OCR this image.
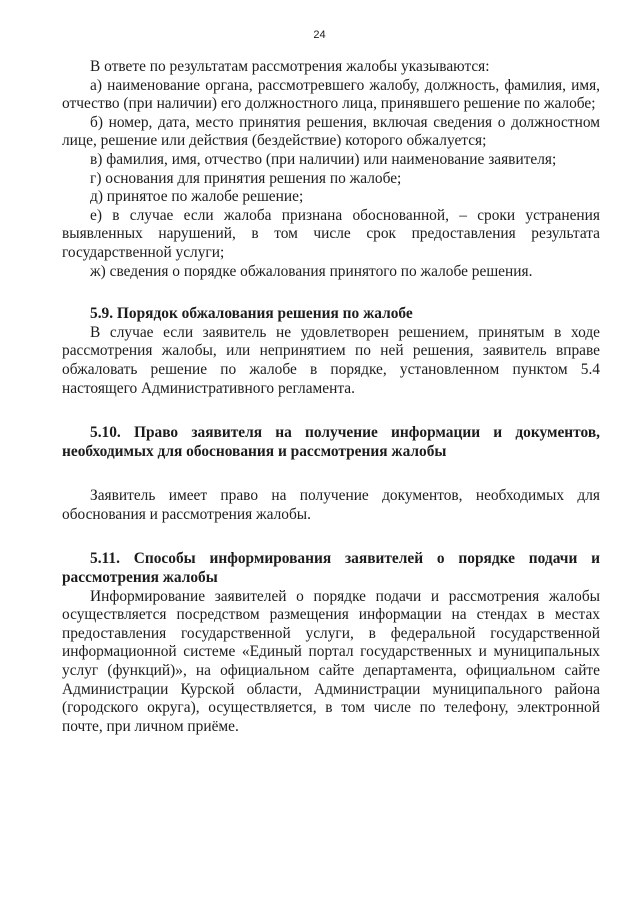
24

В ответе по результатам рассмотрения жалобы указываются:

а) наименование органа, рассмотревшего жалобу, должность, фамилия, имя, отчество (при наличии) его должностного лица, принявшего решение по жалобе;

б) номер, дата, место принятия решения, включая сведения о должностном лице, решение или действия (бездействие) которого обжалуется;

в) фамилия, имя, отчество (при наличии) или наименование заявителя;

г) основания для принятия решения по жалобе;

д) принятое по жалобе решение;

е) в случае если жалоба признана обоснованной, – сроки устранения выявленных нарушений, в том числе срок предоставления результата государственной услуги;

ж) сведения о порядке обжалования принятого по жалобе решения.

5.9. Порядок обжалования решения по жалобе

В случае если заявитель не удовлетворен решением, принятым в ходе рассмотрения жалобы, или непринятием по ней решения, заявитель вправе обжаловать решение по жалобе в порядке, установленном пунктом 5.4 настоящего Административного регламента.

5.10. Право заявителя на получение информации и документов, необходимых для обоснования и рассмотрения жалобы

Заявитель имеет право на получение документов, необходимых для обоснования и рассмотрения жалобы.

5.11. Способы информирования заявителей о порядке подачи и рассмотрения жалобы

Информирование заявителей о порядке подачи и рассмотрения жалобы осуществляется посредством размещения информации на стендах в местах предоставления государственной услуги, в федеральной государственной информационной системе «Единый портал государственных и муниципальных услуг (функций)», на официальном сайте департамента, официальном сайте Администрации Курской области, Администрации муниципального района (городского округа), осуществляется, в том числе по телефону, электронной почте, при личном приёме.
